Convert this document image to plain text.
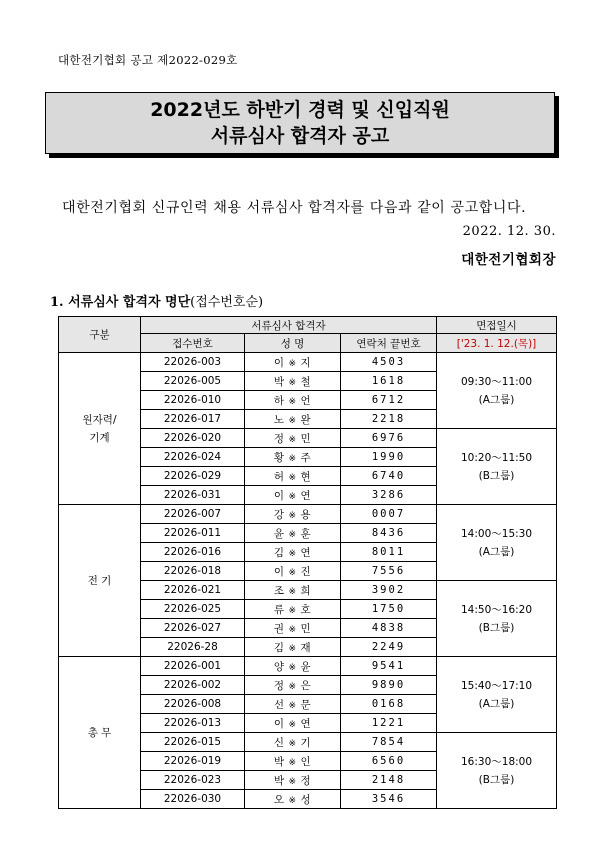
대한전기협회 공고 제2022-029호
2022년도 하반기 경력 및 신입직원
서류심사 합격자 공고
대한전기협회 신규인력 채용 서류심사 합격자를 다음과 같이 공고합니다.
2022. 12. 30.
대한전기협회장
1. 서류심사 합격자 명단(접수번호순)
구분	서류심사 합격자			면접일시
	접수번호	성 명	연락처 끝번호	['23. 1. 12.(목)]

원자력/
기계	22026-003	이 ※ 지	4503	09:30～11:00
(A그룹)

	22026-005	박 ※ 철	1618	
	22026-010	하 ※ 언	6712	
	22026-017	노 ※ 완	2218	
	22026-020	정 ※ 민	6976	10:20～11:50
(B그룹)

	22026-024	황 ※ 주	1990	
	22026-029	허 ※ 현	6740	
	22026-031	이 ※ 연	3286	

전 기	22026-007	강 ※ 용	0007	14:00～15:30
(A그룹)

	22026-011	윤 ※ 훈	8436	
	22026-016	김 ※ 연	8011	
	22026-018	이 ※ 진	7556	
	22026-021	조 ※ 희	3902	14:50～16:20
(B그룹)

	22026-025	류 ※ 호	1750	
	22026-027	권 ※ 민	4838	
	22026-28	김 ※ 재	2249	

총 무	22026-001	양 ※ 윤	9541	15:40～17:10
(A그룹)

	22026-002	정 ※ 은	9890	
	22026-008	선 ※ 문	0168	
	22026-013	이 ※ 연	1221	
	22026-015	신 ※ 기	7854	16:30～18:00
(B그룹)

	22026-019	박 ※ 인	6560	
	22026-023	박 ※ 정	2148	
	22026-030	오 ※ 성	3546	
